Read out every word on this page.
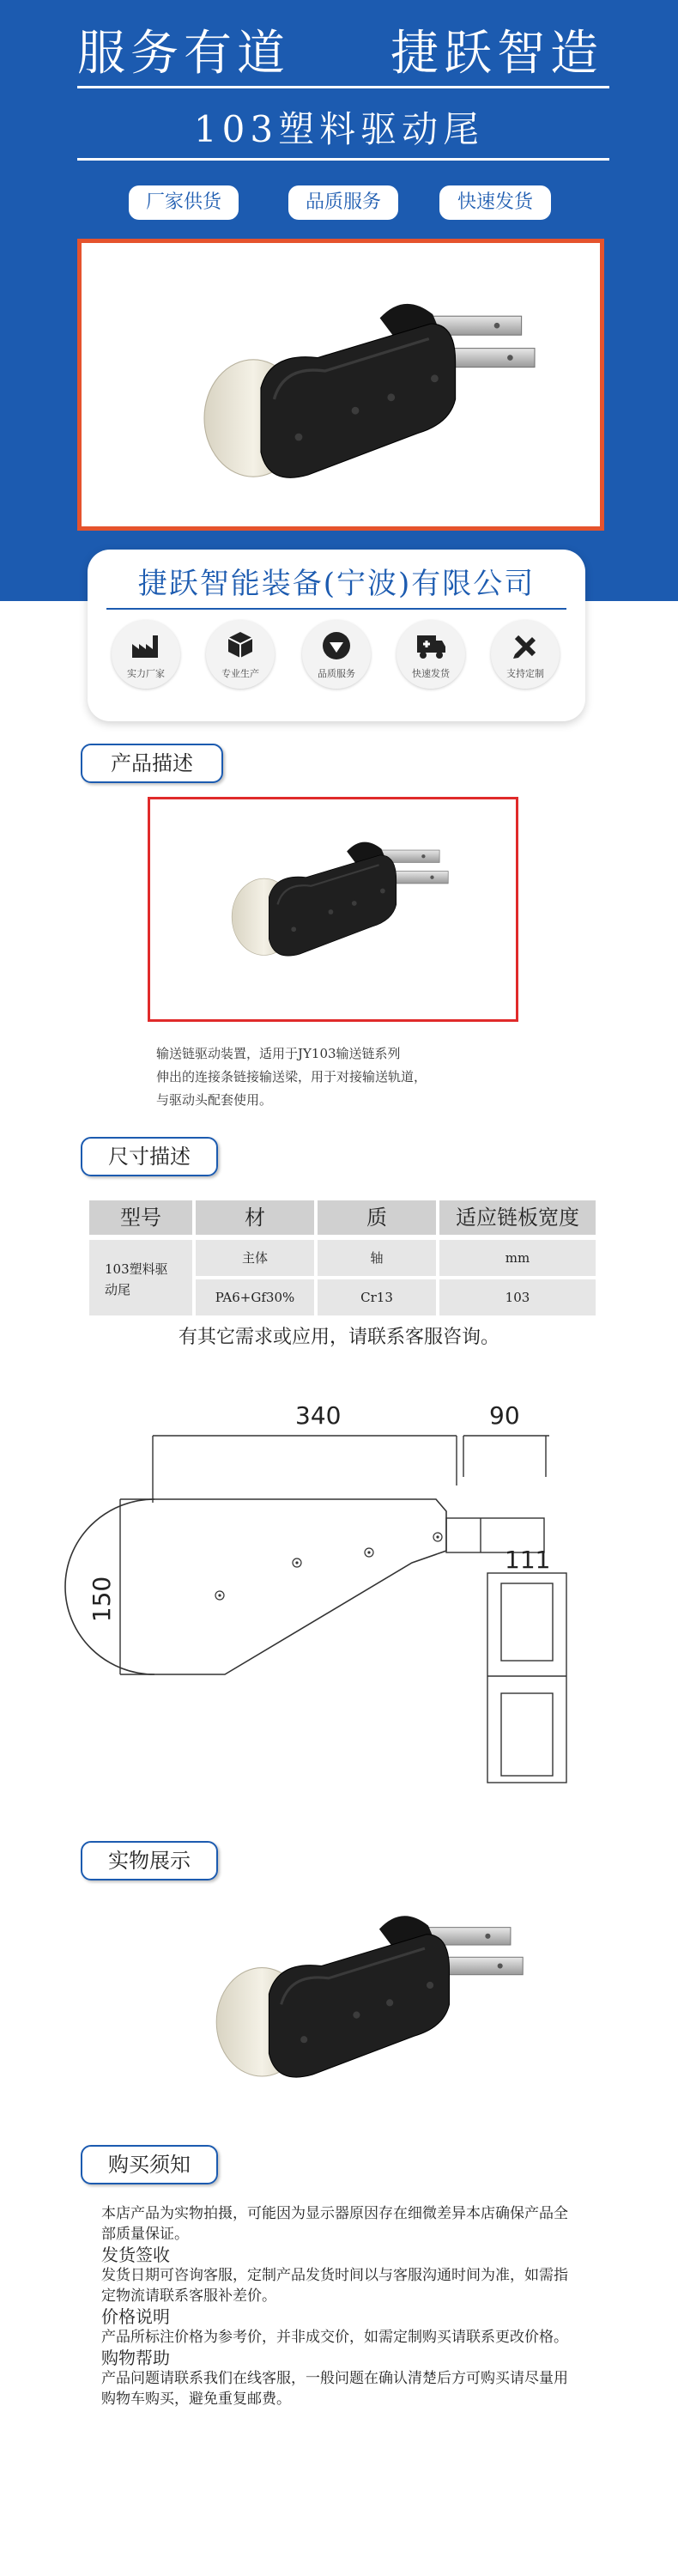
服务有道 捷跃智造
103塑料驱动尾
厂家供货	品质服务	快速发货
捷跃智能装备(宁波)有限公司
实力厂家	专业生产	品质服务	快速发货	支持定制
产品描述
输送链驱动装置，适用于JY103输送链系列
伸出的连接条链接输送梁，用于对接输送轨道，
与驱动头配套使用。
尺寸描述
型号	材	质	适应链板宽度
103塑料驱动尾
主体	轴	mm
PA6+Gf30%	Cr13	103
有其它需求或应用，请联系客服咨询。
340	90
150
111
实物展示
购买须知

本店产品为实物拍摄，可能因为显示器原因存在细微差异本店确保产品全部质量保证。

发货签收

发货日期可咨询客服，定制产品发货时间以与客服沟通时间为准，如需指定物流请联系客服补差价。

价格说明

产品所标注价格为参考价，并非成交价，如需定制购买请联系更改价格。

购物帮助

产品问题请联系我们在线客服，一般问题在确认清楚后方可购买请尽量用购物车购买，避免重复邮费。
